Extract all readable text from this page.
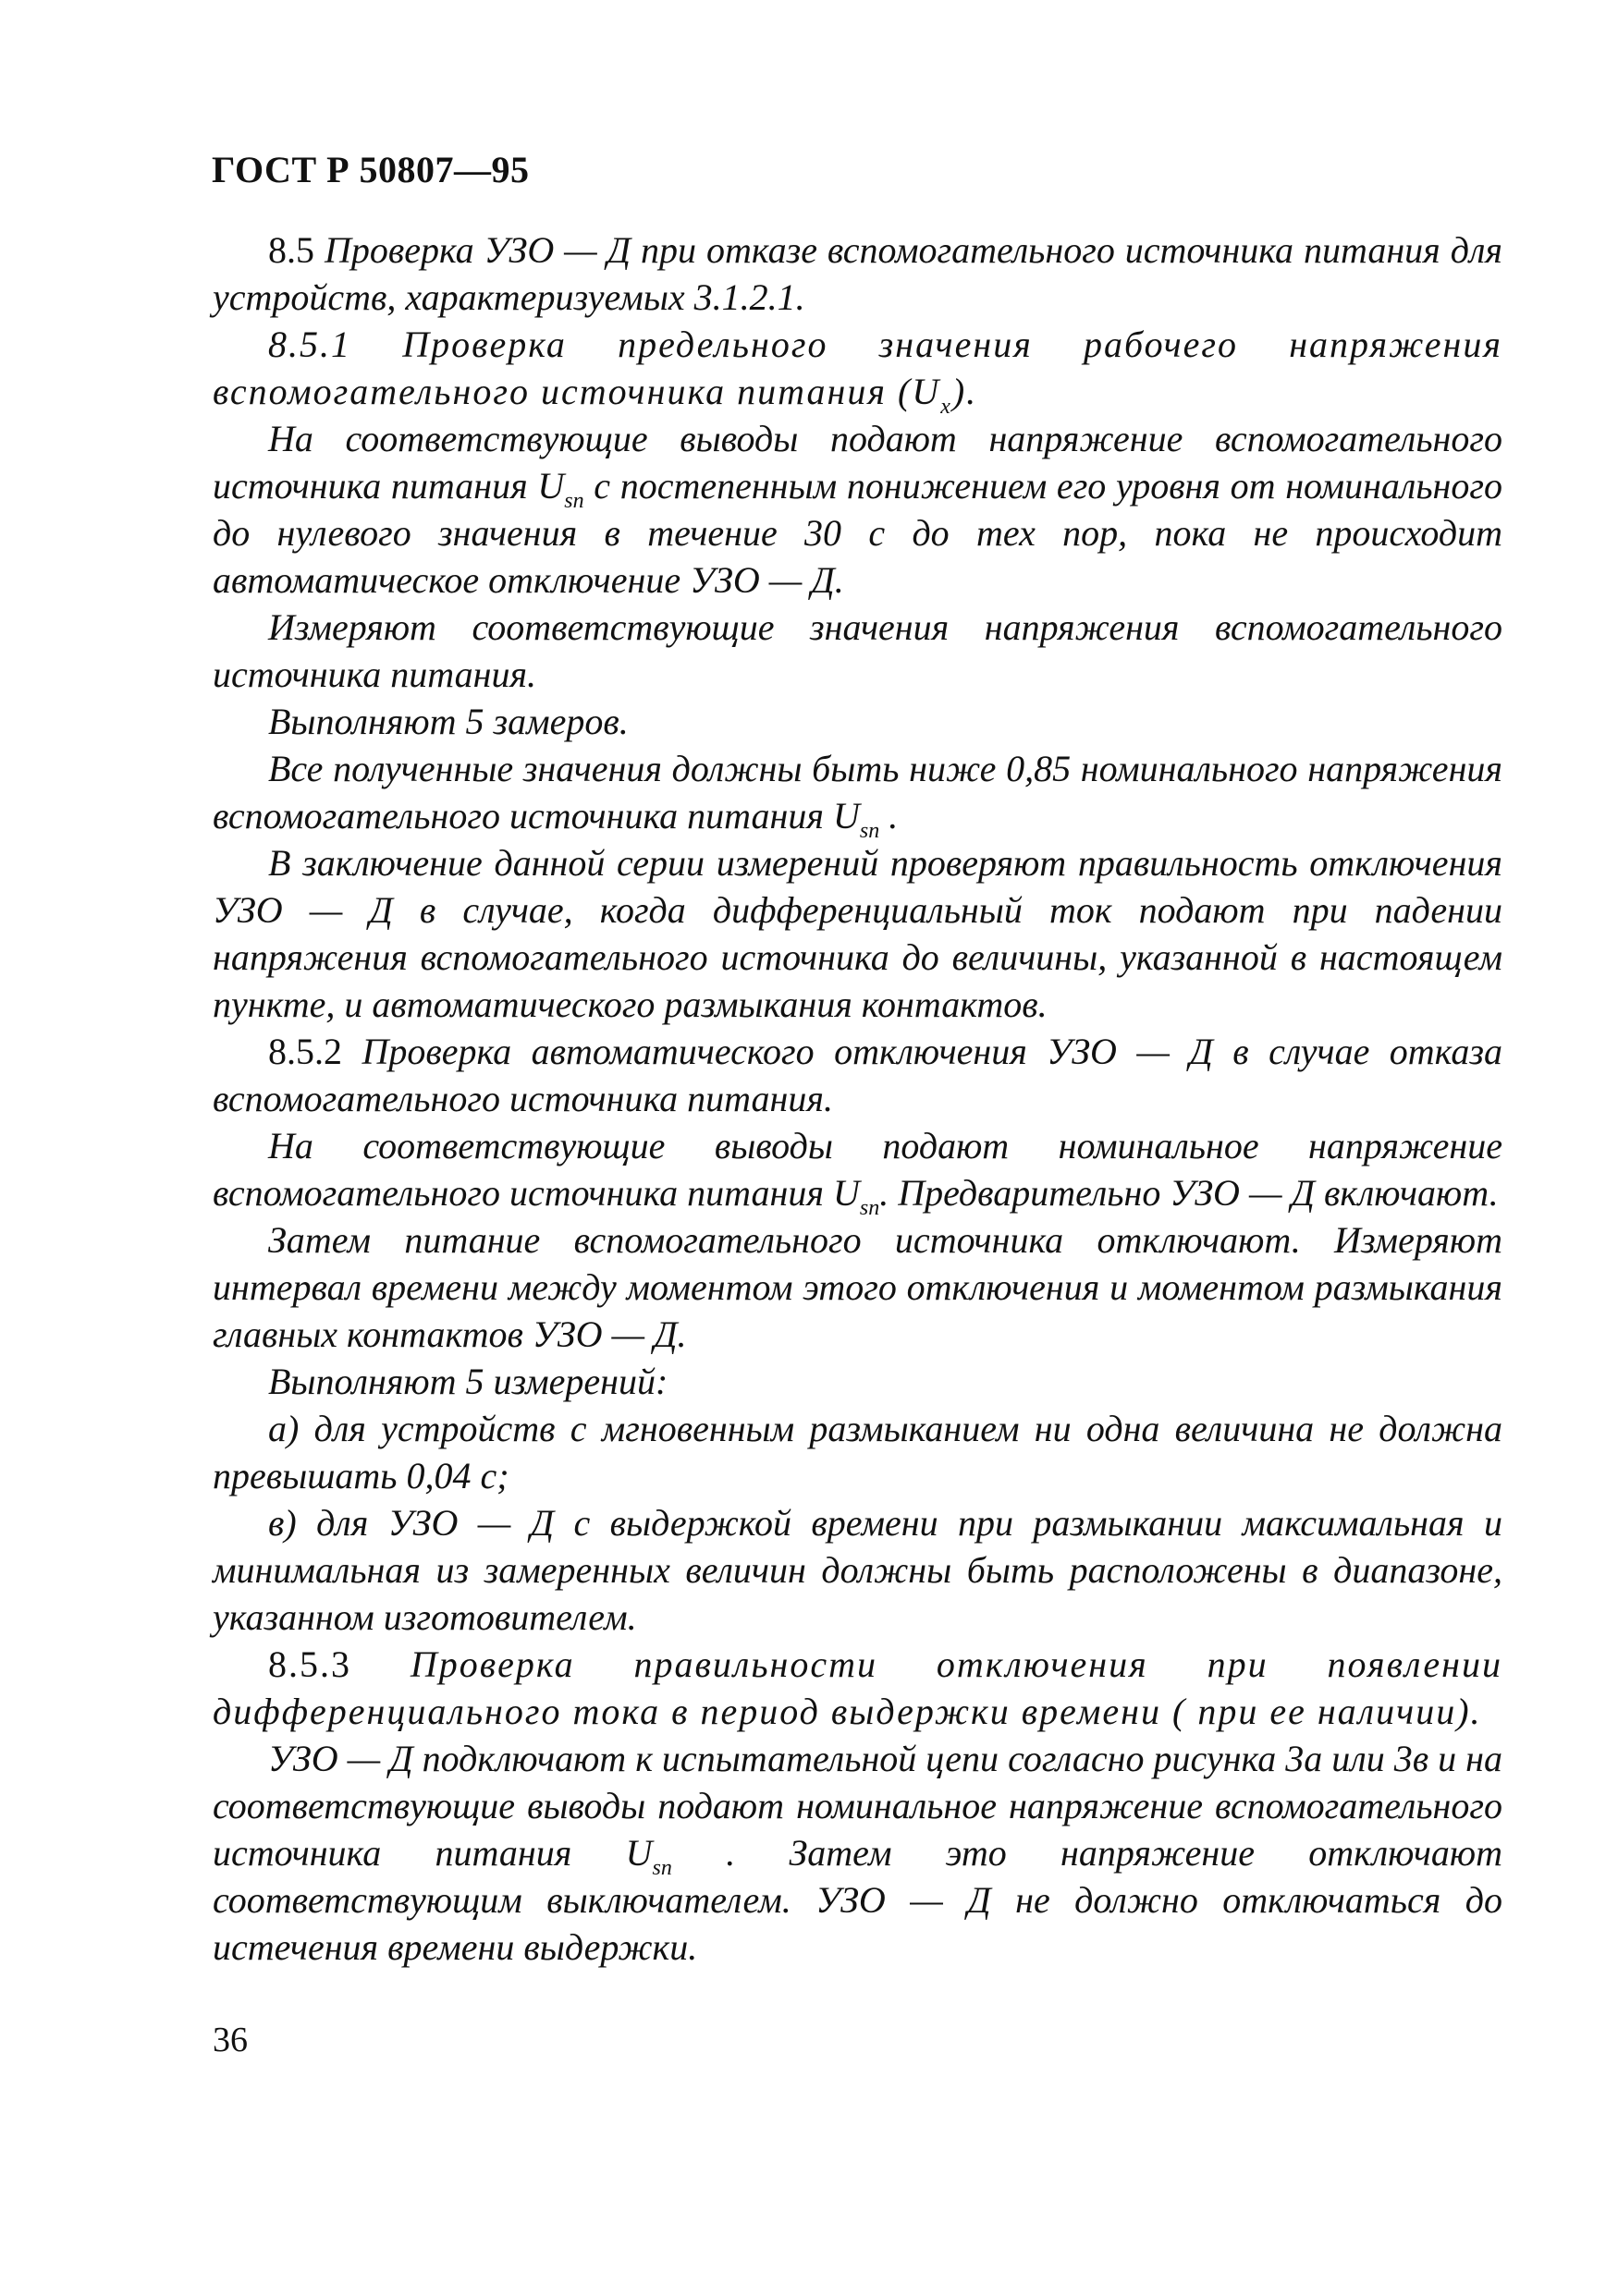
ГОСТ Р 50807—95

8.5 Проверка УЗО — Д при отказе вспомогательного источника питания для устройств, характеризуемых 3.1.2.1.

8.5.1 Проверка предельного значения рабочего напряжения вспомогательного источника питания $(U_x)$.

На соответствующие выводы подают напряжение вспомогательного источника питания $U_{sn}$ с постепенным понижением его уровня от номинального до нулевого значения в течение 30 с до тех пор, пока не происходит автоматическое отключение УЗО — Д.

Измеряют соответствующие значения напряжения вспомогательного источника питания.

Выполняют 5 замеров.

Все полученные значения должны быть ниже 0,85 номинального напряжения вспомогательного источника питания $U_{sn}$ .

В заключение данной серии измерений проверяют правильность отключения УЗО — Д в случае, когда дифференциальный ток подают при падении напряжения вспомогательного источника до величины, указанной в настоящем пункте, и автоматического размыкания контактов.

8.5.2 Проверка автоматического отключения УЗО — Д в случае отказа вспомогательного источника питания.

На соответствующие выводы подают номинальное напряжение вспомогательного источника питания $U_{sn}$. Предварительно УЗО — Д включают.

Затем питание вспомогательного источника отключают. Измеряют интервал времени между моментом этого отключения и моментом размыкания главных контактов УЗО — Д.

Выполняют 5 измерений:

а) для устройств с мгновенным размыканием ни одна величина не должна превышать 0,04 с;

в) для УЗО — Д с выдержкой времени при размыкании максимальная и минимальная из замеренных величин должны быть расположены в диапазоне, указанном изготовителем.

8.5.3 Проверка правильности отключения при появлении дифференциального тока в период выдержки времени ( при ее наличии).

УЗО — Д подключают к испытательной цепи согласно рисунка 3а или 3в и на соответствующие выводы подают номинальное напряжение вспомогательного источника питания $U_{sn}$ . Затем это напряжение отключают соответствующим выключателем. УЗО — Д не должно отключаться до истечения времени выдержки.

36
